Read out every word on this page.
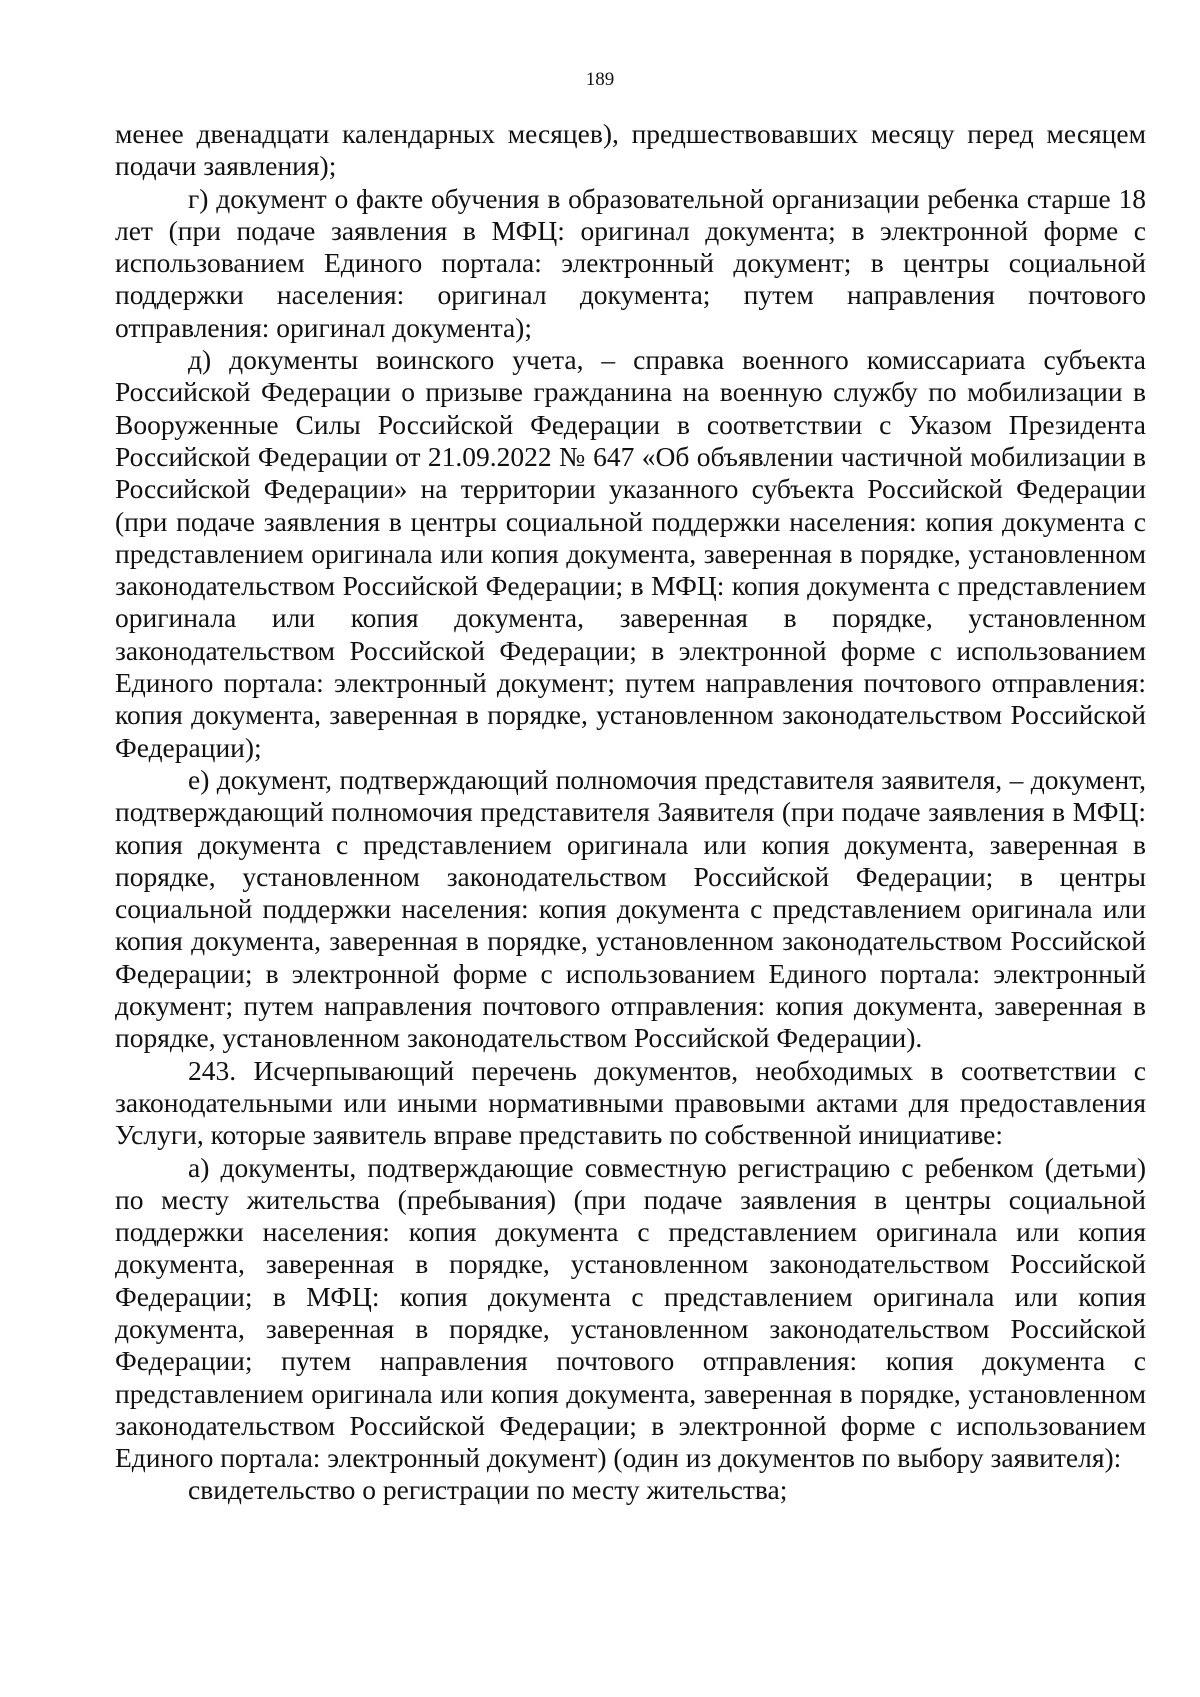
189

менее двенадцати календарных месяцев), предшествовавших месяцу перед месяцем подачи заявления);

г) документ о факте обучения в образовательной организации ребенка старше 18 лет (при подаче заявления в МФЦ: оригинал документа; в электронной форме с использованием Единого портала: электронный документ; в центры социальной поддержки населения: оригинал документа; путем направления почтового отправления: оригинал документа);

д) документы воинского учета, – справка военного комиссариата субъекта Российской Федерации о призыве гражданина на военную службу по мобилизации в Вооруженные Силы Российской Федерации в соответствии с Указом Президента Российской Федерации от 21.09.2022 № 647 «Об объявлении частичной мобилизации в Российской Федерации» на территории указанного субъекта Российской Федерации (при подаче заявления в центры социальной поддержки населения: копия документа с представлением оригинала или копия документа, заверенная в порядке, установленном законодательством Российской Федерации; в МФЦ: копия документа с представлением оригинала или копия документа, заверенная в порядке, установленном законодательством Российской Федерации; в электронной форме с использованием Единого портала: электронный документ; путем направления почтового отправления: копия документа, заверенная в порядке, установленном законодательством Российской Федерации);

е) документ, подтверждающий полномочия представителя заявителя, – документ, подтверждающий полномочия представителя Заявителя (при подаче заявления в МФЦ: копия документа с представлением оригинала или копия документа, заверенная в порядке, установленном законодательством Российской Федерации; в центры социальной поддержки населения: копия документа с представлением оригинала или копия документа, заверенная в порядке, установленном законодательством Российской Федерации; в электронной форме с использованием Единого портала: электронный документ; путем направления почтового отправления: копия документа, заверенная в порядке, установленном законодательством Российской Федерации).

243. Исчерпывающий перечень документов, необходимых в соответствии с законодательными или иными нормативными правовыми актами для предоставления Услуги, которые заявитель вправе представить по собственной инициативе:

а) документы, подтверждающие совместную регистрацию с ребенком (детьми) по месту жительства (пребывания) (при подаче заявления в центры социальной поддержки населения: копия документа с представлением оригинала или копия документа, заверенная в порядке, установленном законодательством Российской Федерации; в МФЦ: копия документа с представлением оригинала или копия документа, заверенная в порядке, установленном законодательством Российской Федерации; путем направления почтового отправления: копия документа с представлением оригинала или копия документа, заверенная в порядке, установленном законодательством Российской Федерации; в электронной форме с использованием Единого портала: электронный документ) (один из документов по выбору заявителя):

свидетельство о регистрации по месту жительства;
